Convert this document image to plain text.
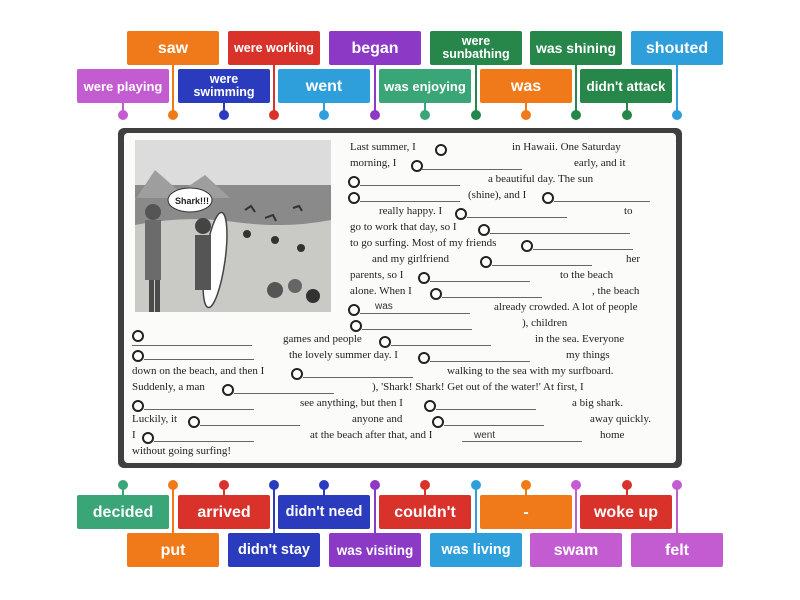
saw	were working	began	were sunbathing	was shining	shouted
were playing	were swimming	went	was enjoying	was	didn't attack
Shark!!!
Last summer, I	in Hawaii. One Saturday
morning, I	early, and it
a beautiful day. The sun
(shine), and I
really happy. I	to
go to work that day, so I
to go surfing. Most of my friends
and my girlfriend	her
parents, so I	to the beach
alone. When I	, the beach
was	already crowded. A lot of people
), children
games and people	in the sea. Everyone
the lovely summer day. I	my things
down on the beach, and then I	walking to the sea with my surfboard.
Suddenly, a man	), 'Shark! Shark! Get out of the water!' At first, I
see anything, but then I	a big shark.
Luckily, it	anyone and	away quickly.
I	at the beach after that, and I	went	home
without going surfing!
decided	arrived	didn't need	couldn't	-	woke up
put	didn't stay	was visiting	was living	swam	felt
